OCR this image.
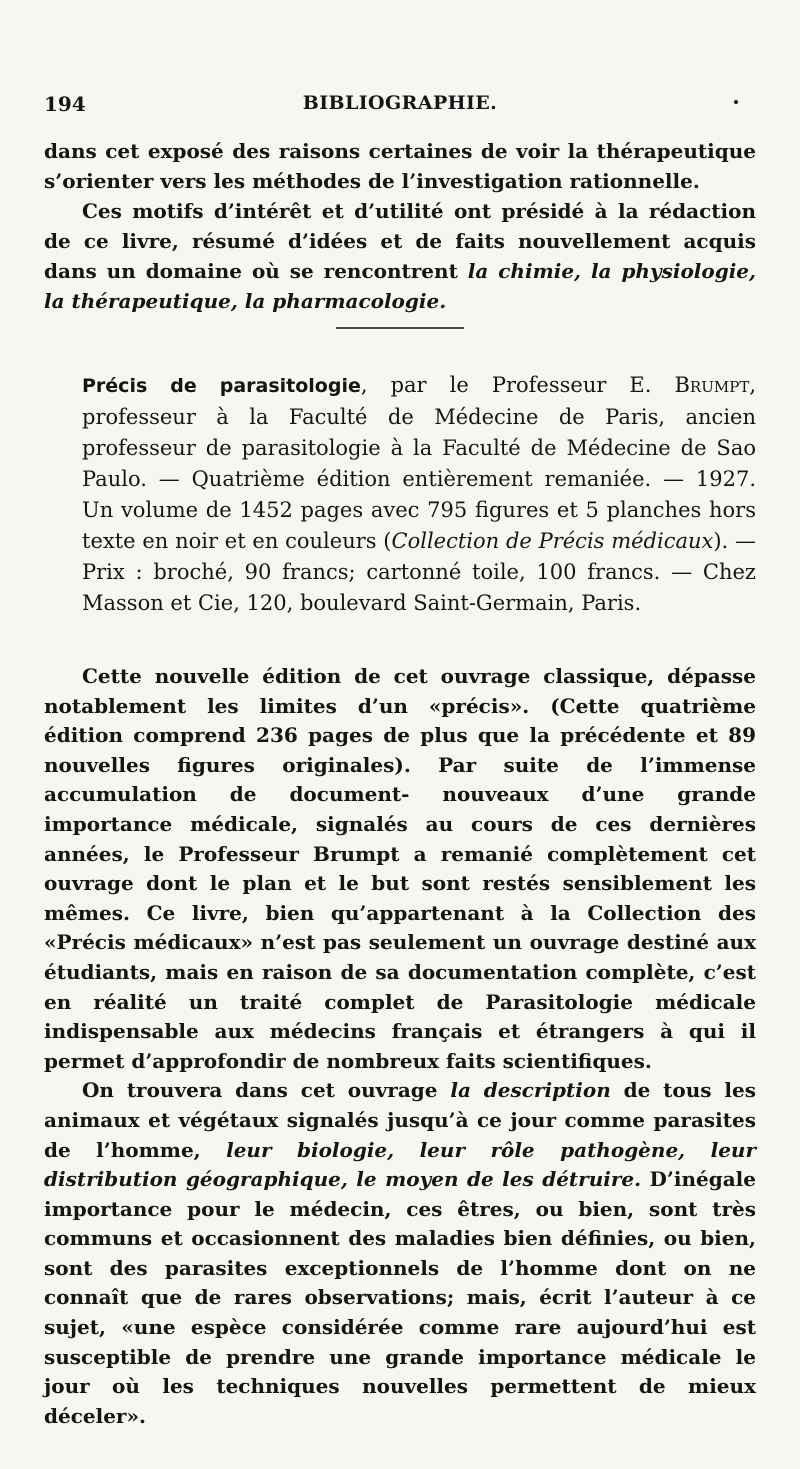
194	BIBLIOGRAPHIE.

dans cet exposé des raisons certaines de voir la thérapeutique s’orienter vers les méthodes de l’investigation rationnelle.

Ces motifs d’intérêt et d’utilité ont présidé à la rédaction de ce livre, résumé d’idées et de faits nouvellement acquis dans un domaine où se rencontrent la chimie, la physiologie, la thérapeutique, la pharmacologie.

Précis de parasitologie, par le Professeur E. Brumpt, professeur à la Faculté de Médecine de Paris, ancien professeur de parasitologie à la Faculté de Médecine de Sao Paulo. — Quatrième édition entièrement remaniée. — 1927. Un volume de 1452 pages avec 795 figures et 5 planches hors texte en noir et en couleurs (Collection de Précis médicaux). — Prix : broché, 90 francs; cartonné toile, 100 francs. — Chez Masson et Cie, 120, boulevard Saint-Germain, Paris.

Cette nouvelle édition de cet ouvrage classique, dépasse notablement les limites d’un «précis». (Cette quatrième édition comprend 236 pages de plus que la précédente et 89 nouvelles figures originales). Par suite de l’immense accumulation de document- nouveaux d’une grande importance médicale, signalés au cours de ces dernières années, le Professeur Brumpt a remanié complètement cet ouvrage dont le plan et le but sont restés sensiblement les mêmes. Ce livre, bien qu’appartenant à la Collection des «Précis médicaux» n’est pas seulement un ouvrage destiné aux étudiants, mais en raison de sa documentation complète, c’est en réalité un traité complet de Parasitologie médicale indispensable aux médecins français et étrangers à qui il permet d’approfondir de nombreux faits scientifiques.

On trouvera dans cet ouvrage la description de tous les animaux et végétaux signalés jusqu’à ce jour comme parasites de l’homme, leur biologie, leur rôle pathogène, leur distribution géographique, le moyen de les détruire. D’inégale importance pour le médecin, ces êtres, ou bien, sont très communs et occasionnent des maladies bien définies, ou bien, sont des parasites exceptionnels de l’homme dont on ne connaît que de rares observations; mais, écrit l’auteur à ce sujet, «une espèce considérée comme rare aujourd’hui est susceptible de prendre une grande importance médicale le jour où les techniques nouvelles permettent de mieux déceler».
